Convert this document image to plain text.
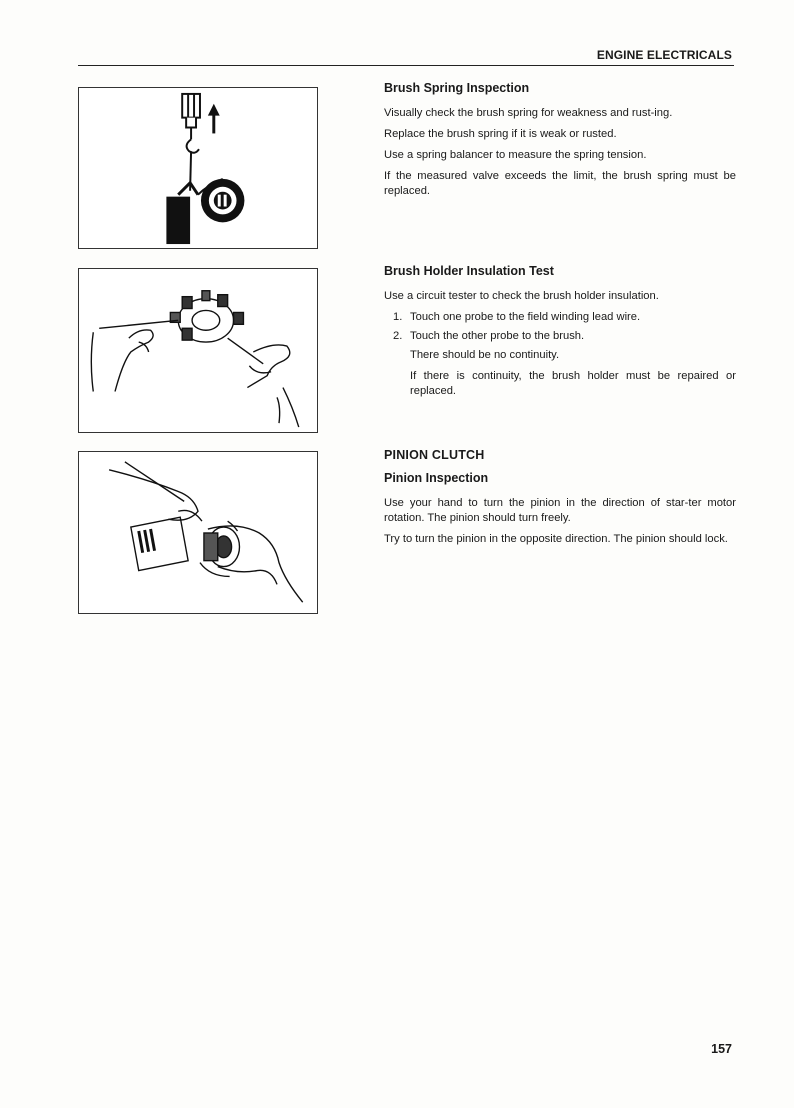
ENGINE ELECTRICALS
Brush Spring Inspection

Visually check the brush spring for weakness and rust-ing.

Replace the brush spring if it is weak or rusted.

Use a spring balancer to measure the spring tension.

If the measured valve exceeds the limit, the brush spring must be replaced.

Brush Holder Insulation Test

Use a circuit tester to check the brush holder insulation.

1. Touch one probe to the field winding lead wire.

2. Touch the other probe to the brush.

There should be no continuity.

If there is continuity, the brush holder must be repaired or replaced.

PINION CLUTCH
Pinion Inspection

Use your hand to turn the pinion in the direction of star-ter motor rotation. The pinion should turn freely.

Try to turn the pinion in the opposite direction. The pinion should lock.

157
